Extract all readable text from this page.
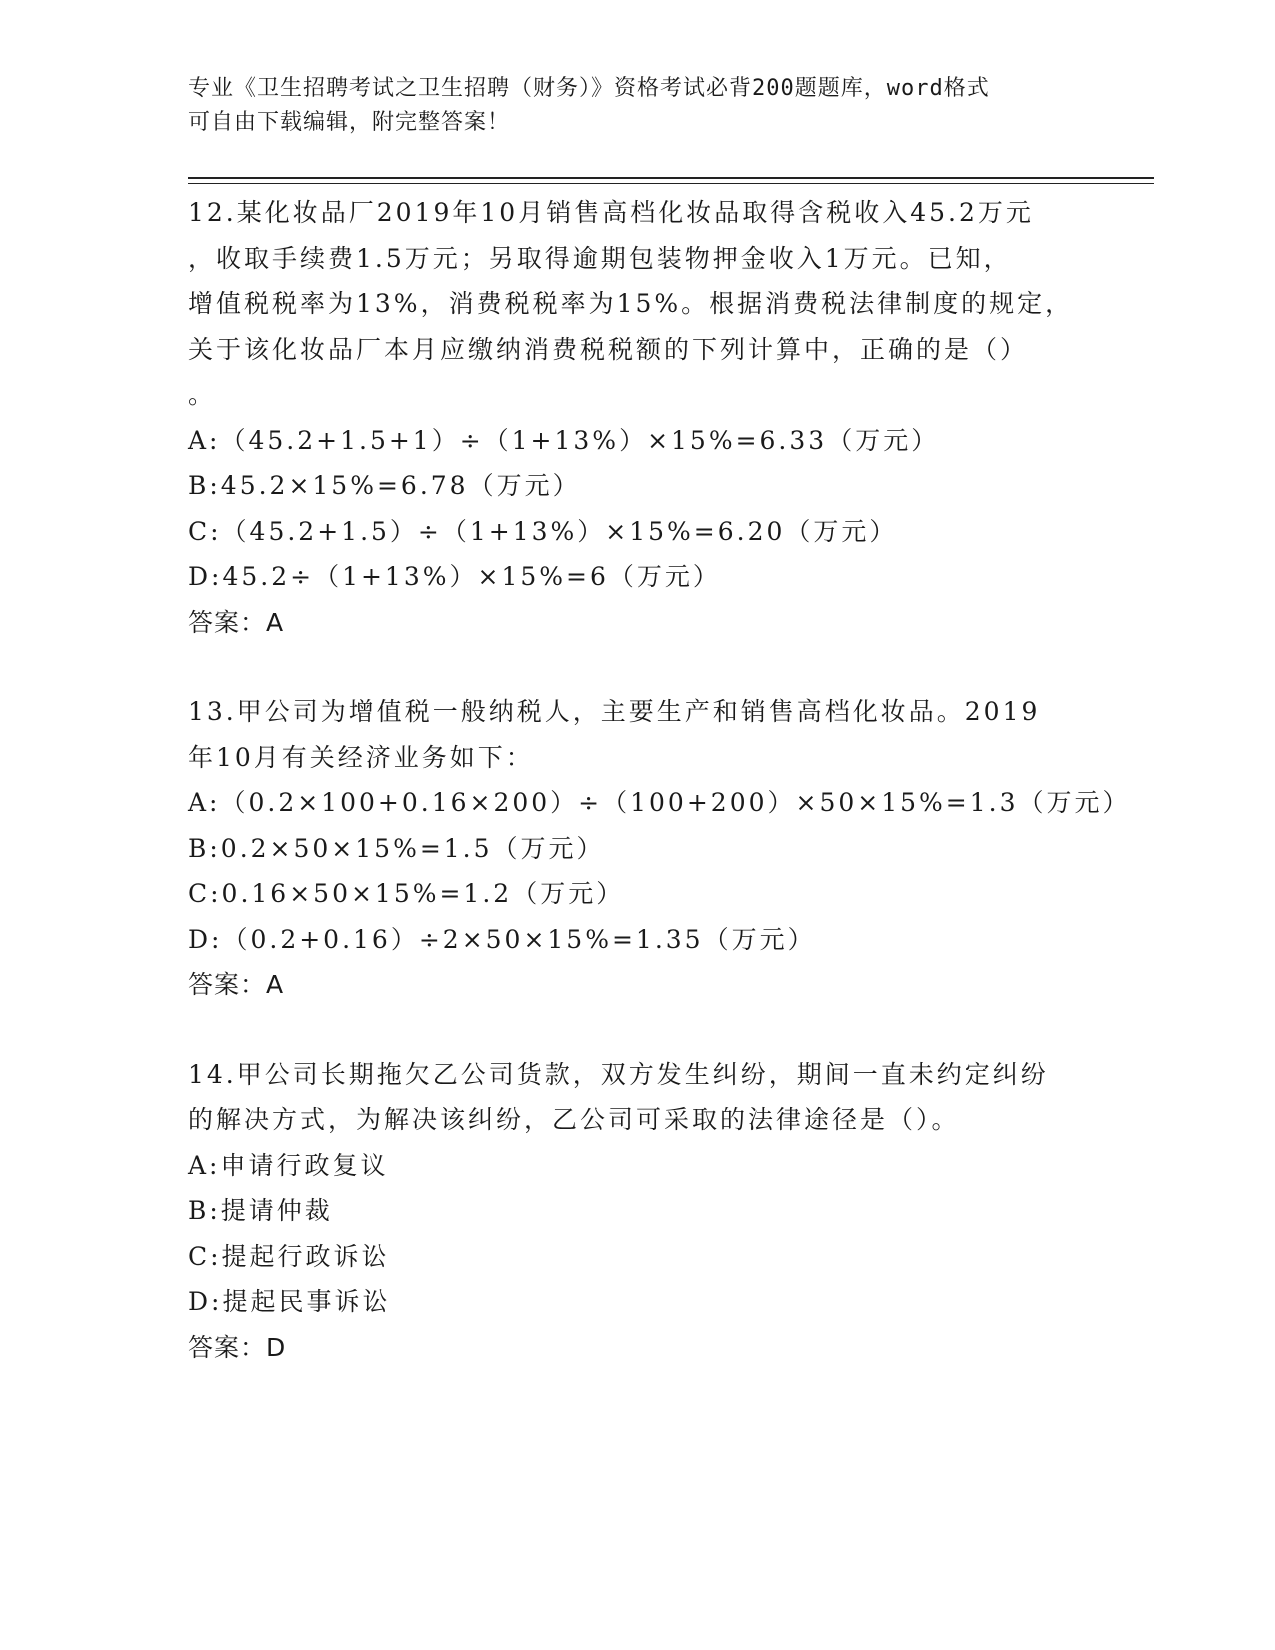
专业《卫生招聘考试之卫生招聘（财务）》资格考试必背200题题库，word格式
可自由下载编辑，附完整答案！
12.某化妆品厂2019年10月销售高档化妆品取得含税收入45.2万元
，收取手续费1.5万元；另取得逾期包装物押金收入1万元。已知，
增值税税率为13%，消费税税率为15%。根据消费税法律制度的规定，
关于该化妆品厂本月应缴纳消费税税额的下列计算中，正确的是（）
。
A:（45.2+1.5+1）÷（1+13%）×15%=6.33（万元）
B:45.2×15%=6.78（万元）
C:（45.2+1.5）÷（1+13%）×15%=6.20（万元）
D:45.2÷（1+13%）×15%=6（万元）
答案：A
13.甲公司为增值税一般纳税人，主要生产和销售高档化妆品。2019
年10月有关经济业务如下：
A:（0.2×100+0.16×200）÷（100+200）×50×15%=1.3（万元）
B:0.2×50×15%=1.5（万元）
C:0.16×50×15%=1.2（万元）
D:（0.2+0.16）÷2×50×15%=1.35（万元）
答案：A
14.甲公司长期拖欠乙公司货款，双方发生纠纷，期间一直未约定纠纷
的解决方式，为解决该纠纷，乙公司可采取的法律途径是（）。
A:申请行政复议
B:提请仲裁
C:提起行政诉讼
D:提起民事诉讼
答案：D
